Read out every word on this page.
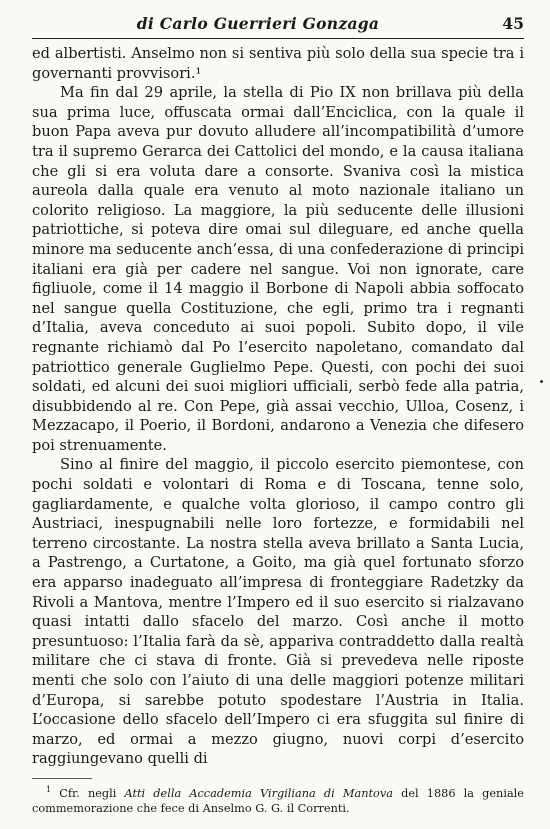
di Carlo Guerrieri Gonzaga	45

ed albertisti. Anselmo non si sentiva più solo della sua specie tra i governanti provvisori.¹

Ma fin dal 29 aprile, la stella di Pio IX non brillava più della sua prima luce, offuscata ormai dall’Enciclica, con la quale il buon Papa aveva pur dovuto alludere all’incompatibilità d’umore tra il supremo Gerarca dei Cattolici del mondo, e la causa italiana che gli si era voluta dare a consorte. Svaniva così la mistica aureola dalla quale era venuto al moto nazionale italiano un colorito religioso. La maggiore, la più seducente delle illusioni patriottiche, si poteva dire omai sul dileguare, ed anche quella minore ma seducente anch’essa, di una confederazione di principi italiani era già per cadere nel sangue. Voi non ignorate, care figliuole, come il 14 maggio il Borbone di Napoli abbia soffocato nel sangue quella Costituzione, che egli, primo tra i regnanti d’Italia, aveva conceduto ai suoi popoli. Subito dopo, il vile regnante richiamò dal Po l’esercito napoletano, comandato dal patriottico generale Guglielmo Pepe. Questi, con pochi dei suoi soldati, ed alcuni dei suoi migliori ufficiali, serbò fede alla patria, disubbidendo al re. Con Pepe, già assai vecchio, Ulloa, Cosenz, i Mezzacapo, il Poerio, il Bordoni, andarono a Venezia che difesero poi strenuamente.

Sino al finire del maggio, il piccolo esercito piemontese, con pochi soldati e volontari di Roma e di Toscana, tenne solo, gagliardamente, e qualche volta glorioso, il campo contro gli Austriaci, inespugnabili nelle loro fortezze, e formidabili nel terreno circostante. La nostra stella aveva brillato a Santa Lucia, a Pastrengo, a Curtatone, a Goito, ma già quel fortunato sforzo era apparso inadeguato all’impresa di fronteggiare Radetzky da Rivoli a Mantova, mentre l’Impero ed il suo esercito si rialzavano quasi intatti dallo sfacelo del marzo. Così anche il motto presuntuoso: l’Italia farà da sè, appariva contraddetto dalla realtà militare che ci stava di fronte. Già si prevedeva nelle riposte menti che solo con l’aiuto di una delle maggiori potenze militari d’Europa, si sarebbe potuto spodestare l’Austria in Italia. L’occasione dello sfacelo dell’Impero ci era sfuggita sul finire di marzo, ed ormai a mezzo giugno, nuovi corpi d’esercito raggiungevano quelli di

$^1$ Cfr. negli Atti della Accademia Virgiliana di Mantova del 1886 la geniale commemorazione che fece di Anselmo G. G. il Correnti.
